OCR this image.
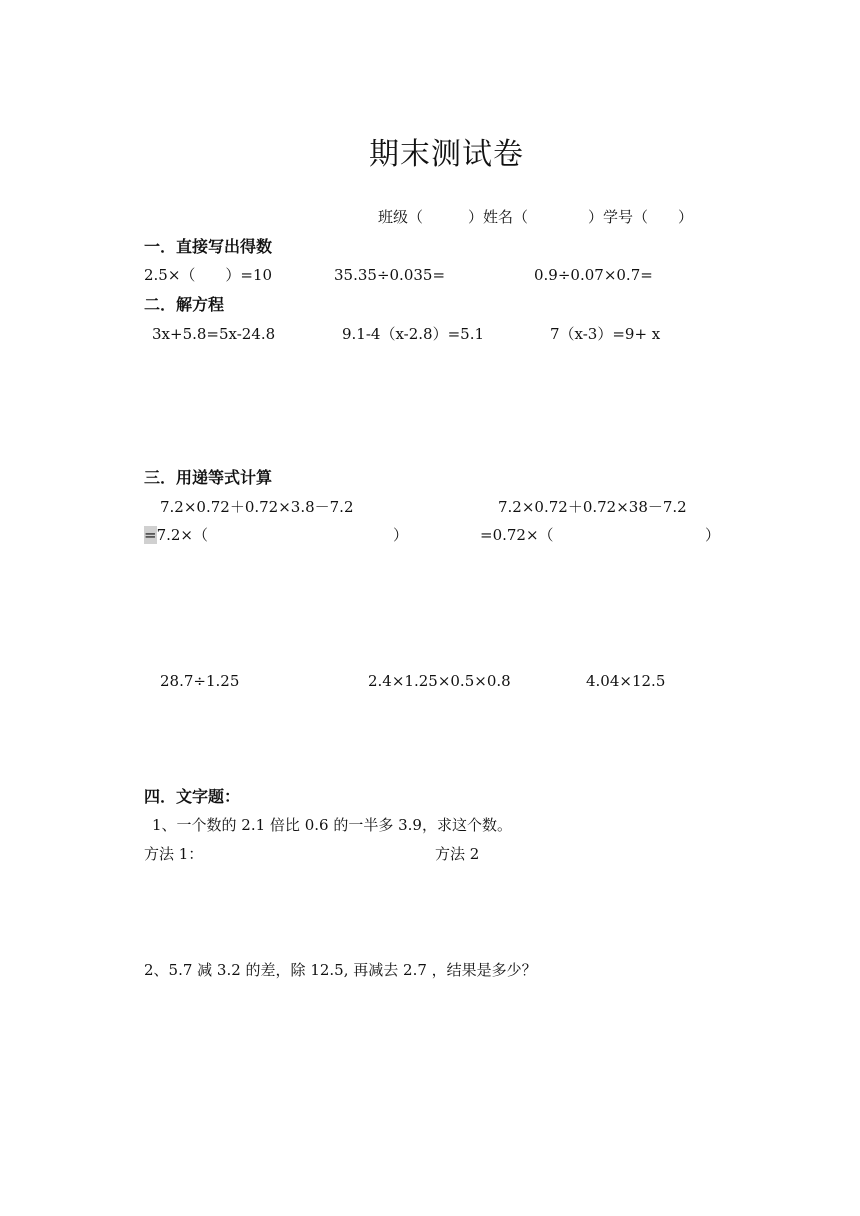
期末测试卷
班级（　　　）姓名（　　　　）学号（　　）
一．直接写出得数
2.5×（　　）=10	35.35÷0.035=	0.9÷0.07×0.7=
二．解方程
3x+5.8=5x-24.8	9.1-4（x-2.8）=5.1	7（x-3）=9+ x
三．用递等式计算
7.2×0.72＋0.72×3.8－7.2	7.2×0.72＋0.72×38－7.2
=7.2×（	）	=0.72×（	）
28.7÷1.25	2.4×1.25×0.5×0.8	4.04×12.5
四．文字题：
1、一个数的 2.1 倍比 0.6 的一半多 3.9，求这个数。
方法 1：	方法 2
2、5.7 减 3.2 的差，除 12.5, 再减去 2.7 ，结果是多少？
